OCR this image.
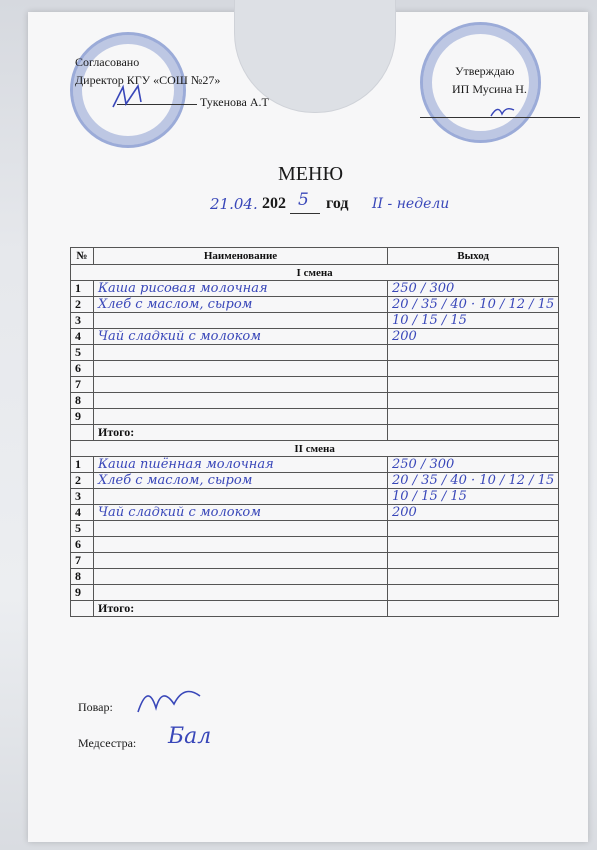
Согласовано
Директор КГУ «СОШ №27»
Тукенова А.Т
Утверждаю
ИП Мусина Н.
МЕНЮ
21.04. 202 5 год II - недели
№	Наименование	Выход
I смена		
1	Каша рисовая молочная	250 / 300
2	Хлеб с маслом, сыром	20 / 35 / 40 · 10 / 12 / 15
3		10 / 15 / 15
4	Чай сладкий с молоком	200
5		
6		
7		
8		
9		
	Итого:	
II смена		
1	Каша пшённая молочная	250 / 300
2	Хлеб с маслом, сыром	20 / 35 / 40 · 10 / 12 / 15
3		10 / 15 / 15
4	Чай сладкий с молоком	200
5		
6		
7		
8		
9		
	Итого:	
Повар:
Медсестра: Бал
